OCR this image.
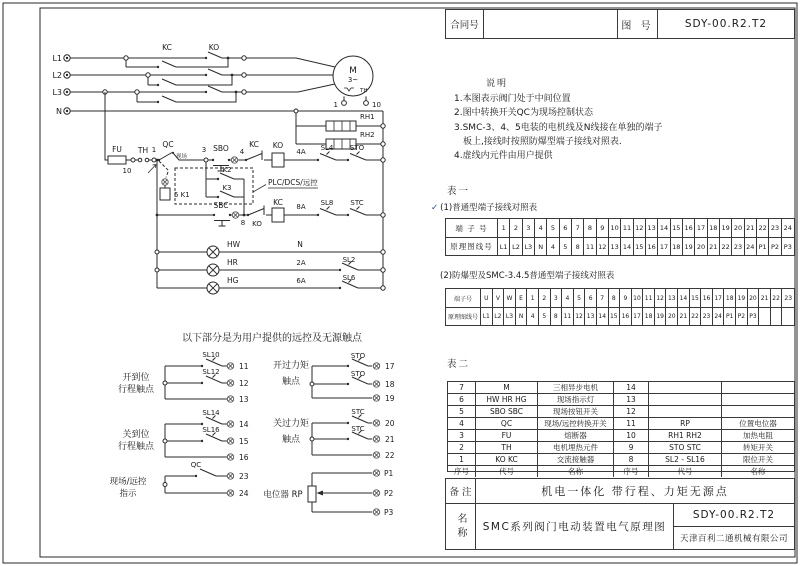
L1
L2
L3
N
KC	KO
M
3~
TH
1	10
RH1
RH2
FU
10
TH 1
QC
现场
3 SBO 4
KC KO
4A SL4 STO
K2
K3
5 K1
PLC/DCS/远控
SBC
8 KO
KC 8A SL8 STC
HW	N
HR	2A	SL2
HG	6A	SL6
以下部分是为用户提供的远控及无源触点
开到位
行程触点
SL10
11
SL12
12
13
关到位
行程触点
SL14
14
SL16
15
16
现场/远控
指示
QC
23
24
开过力矩
触点
STO
17
STO
18
19
关过力矩
触点
STC
20
STC
21
22
电位器 RP
P1
P2
P3
合同号	图 号	SDY-00.R2.T2
说明
1.本图表示阀门处于中间位置
2.图中转换开关QC为现场控制状态
3.SMC-3、4、5电装的电机线及N线接在单独的端子
板上,接线时按照防爆型端子接线对照表.
4.虚线内元件由用户提供
表一
✓ (1)普通型端子接线对照表
端 子 号	1	2	3	4	5	6	7	8	9 10 11 12 13 14 15 16 17 18 19 20 21 22 23 24
原理图线号	L1 L2 L3 N	4	5	8 11 12 13 14 15 16 17 18 19 20 21 22 23 24 P1 P2 P3
(2)防爆型及SMC-3.4.5普通型端子接线对照表
端子号	U	V	W	E	1	2	3	4	5	6	7	8	9 10 11 12 13 14 15 16 17 18 19 20 21 22 23
原理图线号 L1 L2 L3 N	4	5	8 11 12 13 14 15 16 17 18 19 20 21 22 23 24 P1 P2 P3
表二
7	M	三相异步电机	14
6	HW HR HG	现场指示灯	13
5	SBO SBC	现场按钮开关	12
4	QC	现场/远控转换开关	11	RP	位置电位器
3	FU	熔断器	10	RH1 RH2	加热电阻
2	TH	电机埋热元件	9	STO STC	转矩开关
1	KO KC	交流接触器	8	SL2 - SL16	限位开关
序号	代号	名称	序号	代号	名称
备 注	机电一体化 带行程、力矩无源点
名称	SMC系列阀门电动装置电气原理图
SDY-00.R2.T2
天津百利二通机械有限公司
